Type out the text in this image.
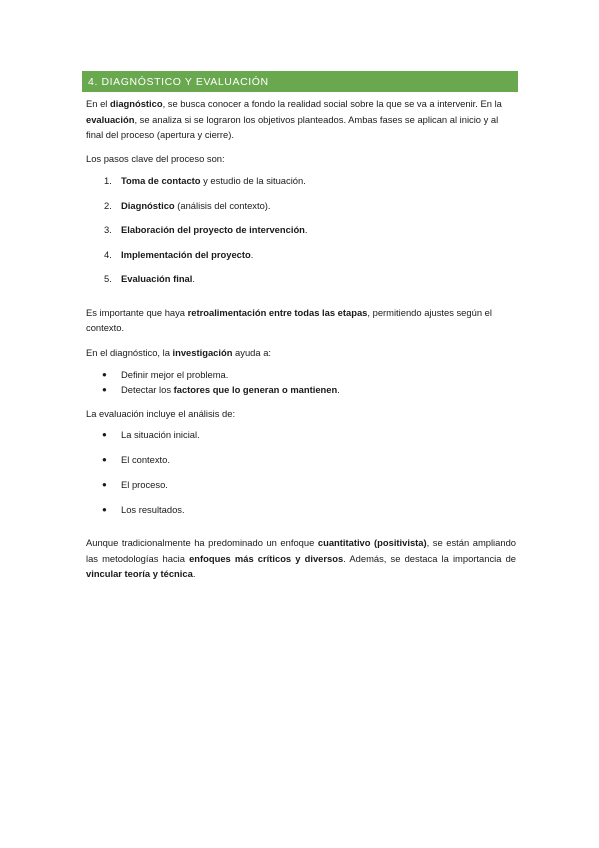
4. DIAGNÓSTICO Y EVALUACIÓN

En el diagnóstico, se busca conocer a fondo la realidad social sobre la que se va a intervenir. En la evaluación, se analiza si se lograron los objetivos planteados. Ambas fases se aplican al inicio y al final del proceso (apertura y cierre).

Los pasos clave del proceso son:

1. Toma de contacto y estudio de la situación.
2. Diagnóstico (análisis del contexto).
3. Elaboración del proyecto de intervención.
4. Implementación del proyecto.
5. Evaluación final.

Es importante que haya retroalimentación entre todas las etapas, permitiendo ajustes según el contexto.

En el diagnóstico, la investigación ayuda a:

●	Definir mejor el problema.
●	Detectar los factores que lo generan o mantienen.

La evaluación incluye el análisis de:

●	La situación inicial.
●	El contexto.
●	El proceso.
●	Los resultados.

Aunque tradicionalmente ha predominado un enfoque cuantitativo (positivista), se están ampliando las metodologías hacia enfoques más críticos y diversos. Además, se destaca la importancia de vincular teoría y técnica.
